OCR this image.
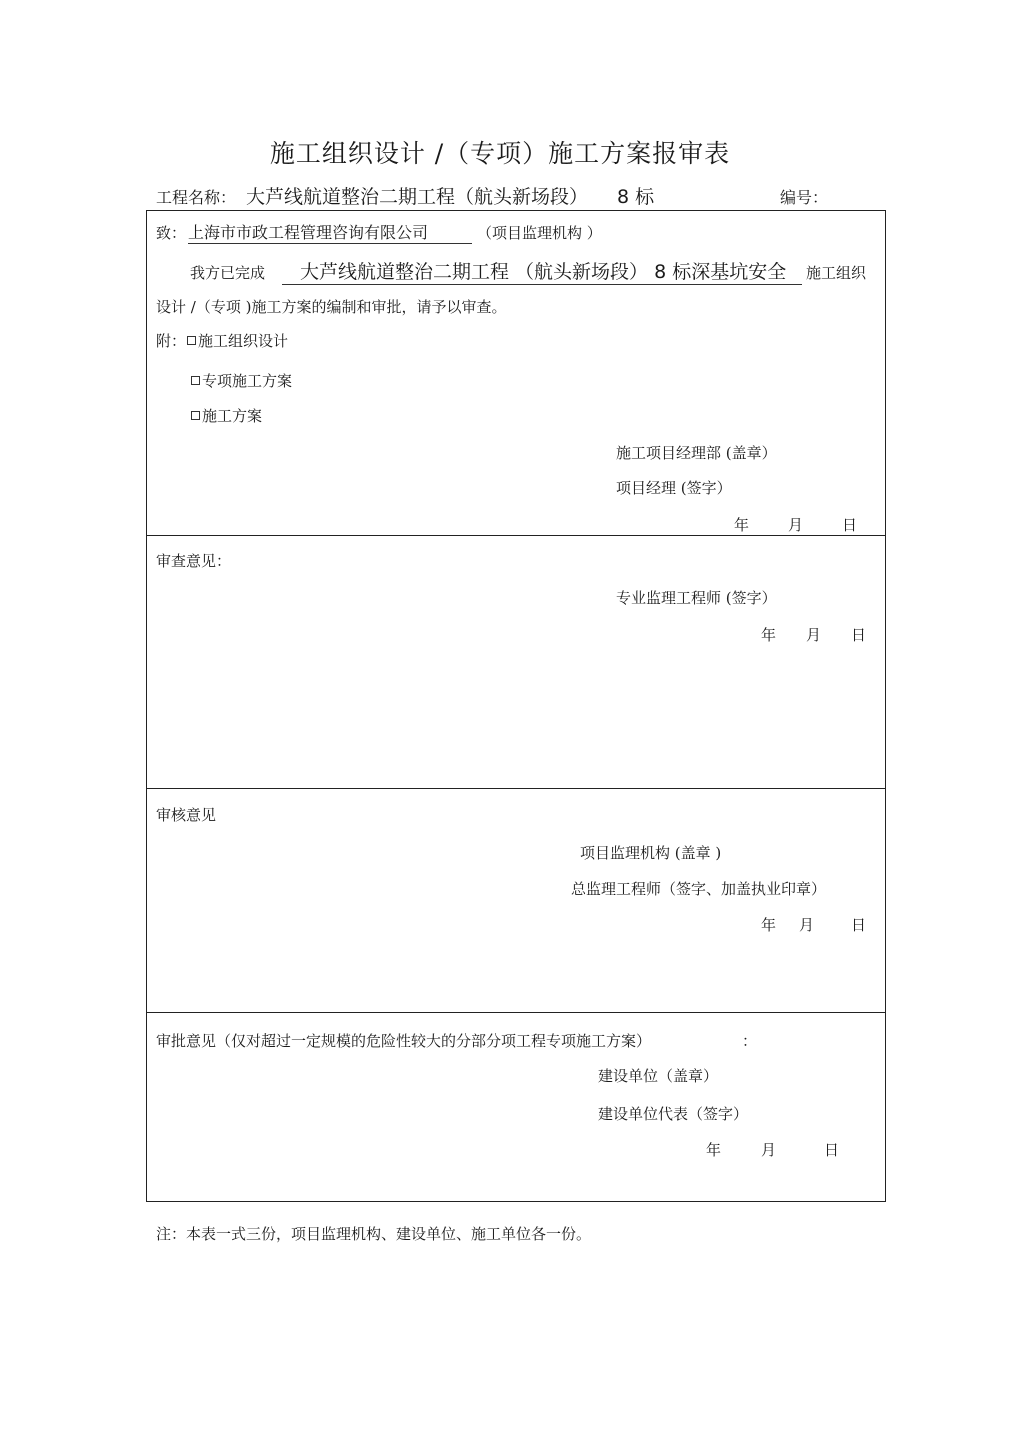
施工组织设计 /（专项）施工方案报审表
工程名称： 大芦线航道整治二期工程（航头新场段） 8 标	编号：
致： 上海市市政工程管理咨询有限公司	（项目监理机构 ）
我方已完成	大芦线航道整治二期工程 （航头新场段） 8 标深基坑安全	施工组织
设计 /（专项 )施工方案的编制和审批，请予以审查。
附： 施工组织设计
专项施工方案
施工方案
施工项目经理部 (盖章）
项目经理 (签字）
年	月	日
审查意见：
专业监理工程师 (签字）
年 月 日
审核意见
项目监理机构 (盖章 )
总监理工程师（签字、加盖执业印章）
年 月 日
审批意见（仅对超过一定规模的危险性较大的分部分项工程专项施工方案）	：
建设单位（盖章）
建设单位代表（签字）
年	月	日
注：本表一式三份，项目监理机构、建设单位、施工单位各一份。
